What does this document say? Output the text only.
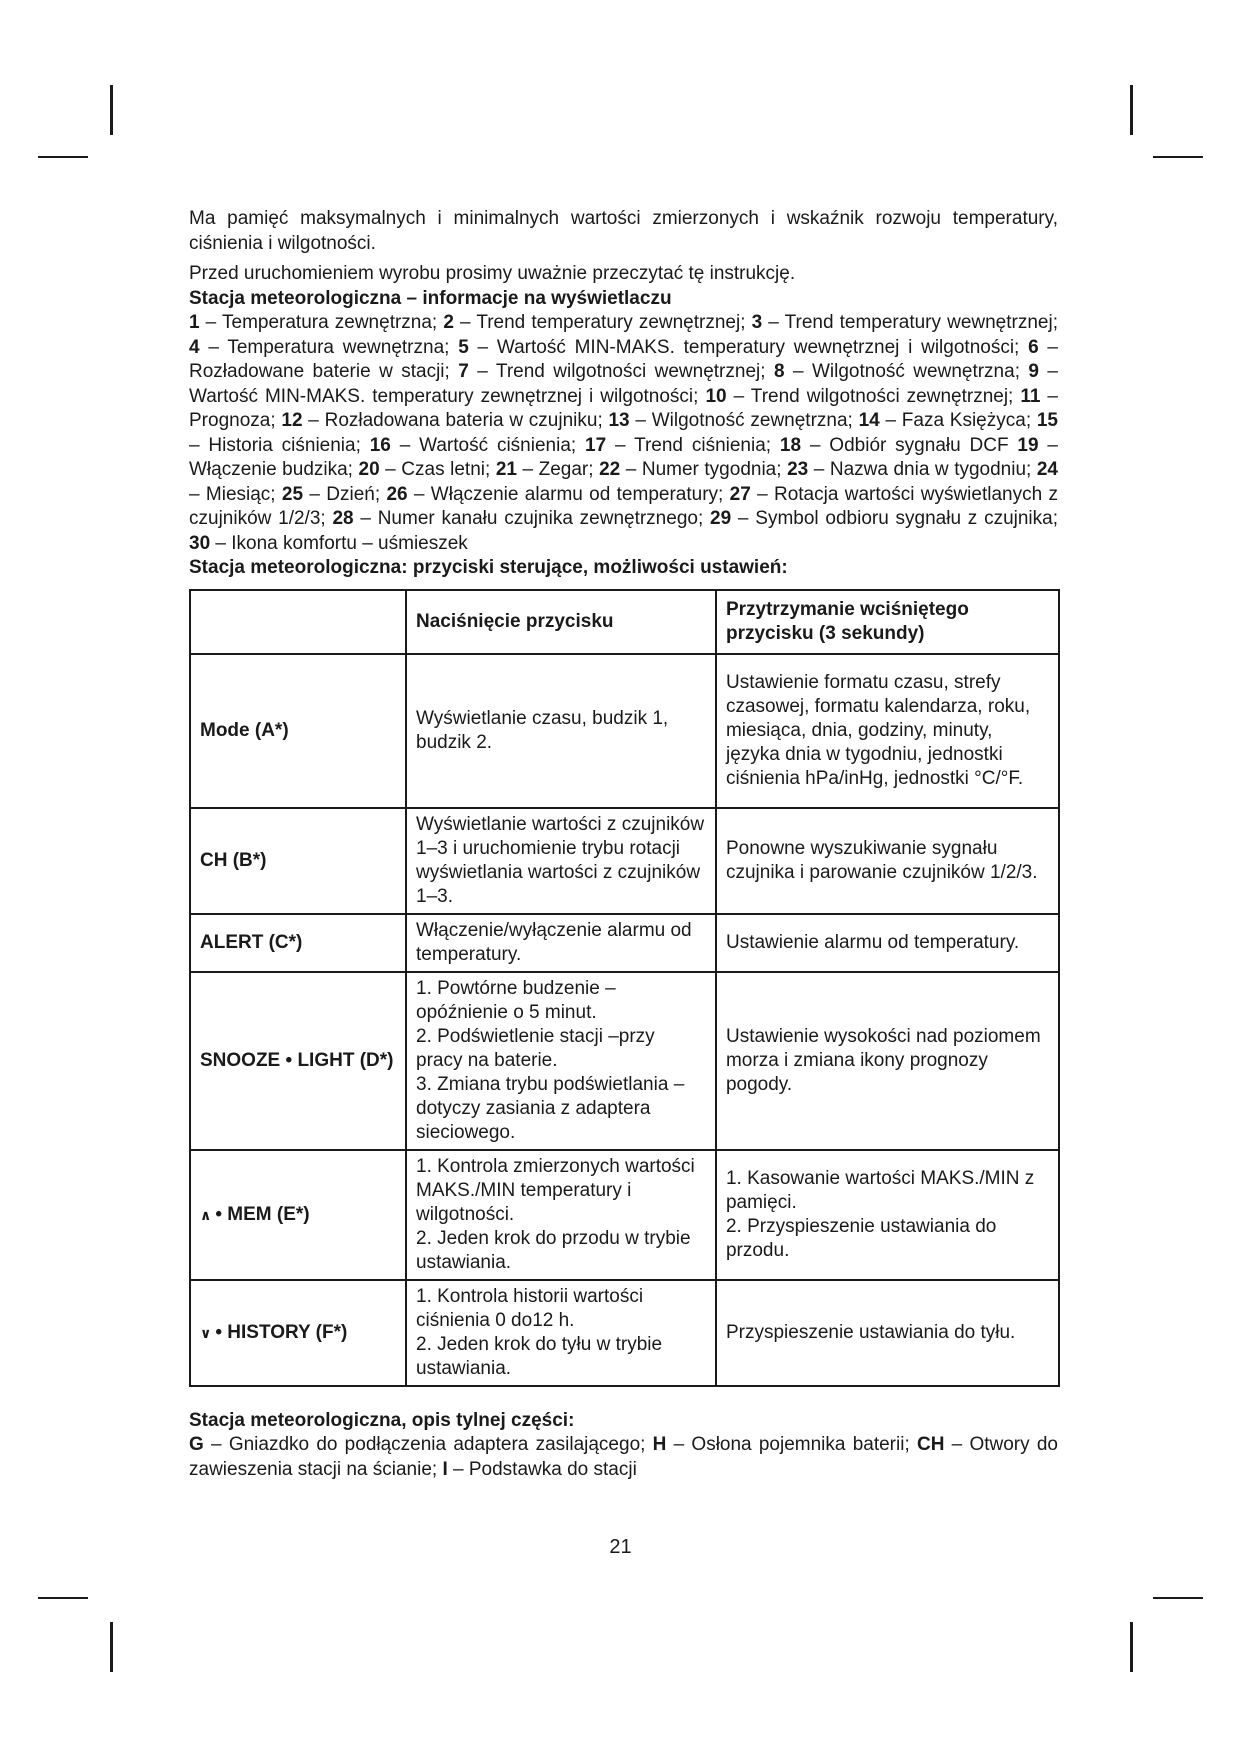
Ma pamięć maksymalnych i minimalnych wartości zmierzonych i wskaźnik rozwoju temperatury, ciśnienia i wilgotności.

Przed uruchomieniem wyrobu prosimy uważnie przeczytać tę instrukcję.

Stacja meteorologiczna – informacje na wyświetlaczu

1 – Temperatura zewnętrzna; 2 – Trend temperatury zewnętrznej; 3 – Trend temperatury wewnętrznej; 4 – Temperatura wewnętrzna; 5 – Wartość MIN-MAKS. temperatury wewnętrznej i wilgotności; 6 – Rozładowane baterie w stacji; 7 – Trend wilgotności wewnętrznej; 8 – Wilgotność wewnętrzna; 9 – Wartość MIN-MAKS. temperatury zewnętrznej i wilgotności; 10 – Trend wilgotności zewnętrznej; 11 – Prognoza; 12 – Rozładowana bateria w czujniku; 13 – Wilgotność zewnętrzna; 14 – Faza Księżyca; 15 – Historia ciśnienia; 16 – Wartość ciśnienia; 17 – Trend ciśnienia; 18 – Odbiór sygnału DCF 19 – Włączenie budzika; 20 – Czas letni; 21 – Zegar; 22 – Numer tygodnia; 23 – Nazwa dnia w tygodniu; 24 – Miesiąc; 25 – Dzień; 26 – Włączenie alarmu od temperatury; 27 – Rotacja wartości wyświetlanych z czujników 1/2/3; 28 – Numer kanału czujnika zewnętrznego; 29 – Symbol odbioru sygnału z czujnika; 30 – Ikona komfortu – uśmieszek

Stacja meteorologiczna: przyciski sterujące, możliwości ustawień:

	Naciśnięcie przycisku	Przytrzymanie wciśniętego przycisku (3 sekundy)
Mode (A*)	Wyświetlanie czasu, budzik 1, budzik 2.	Ustawienie formatu czasu, strefy czasowej, formatu kalendarza, roku, miesiąca, dnia, godziny, minuty, języka dnia w tygodniu, jednostki ciśnienia hPa/inHg, jednostki °C/°F.
CH (B*)	Wyświetlanie wartości z czujników 1–3 i uruchomienie trybu rotacji wyświetlania wartości z czujników 1–3.	Ponowne wyszukiwanie sygnału czujnika i parowanie czujników 1/2/3.
ALERT (C*)	Włączenie/wyłączenie alarmu od temperatury.	Ustawienie alarmu od temperatury.
SNOOZE • LIGHT (D*)	1. Powtórne budzenie –opóźnienie o 5 minut.
2. Podświetlenie stacji –przy pracy na baterie.
3. Zmiana trybu podświetlania –dotyczy zasiania z adaptera sieciowego.	Ustawienie wysokości nad poziomem morza i zmiana ikony prognozy pogody.
∧ • MEM (E*)	1. Kontrola zmierzonych wartości MAKS./MIN temperatury i wilgotności.
2. Jeden krok do przodu w trybie ustawiania.	1. Kasowanie wartości MAKS./MIN z pamięci.
2. Przyspieszenie ustawiania do przodu.
∨ • HISTORY (F*)	1. Kontrola historii wartości ciśnienia 0 do12 h.
2. Jeden krok do tyłu w trybie ustawiania.	Przyspieszenie ustawiania do tyłu.

Stacja meteorologiczna, opis tylnej części:

G – Gniazdko do podłączenia adaptera zasilającego; H – Osłona pojemnika baterii; CH – Otwory do zawieszenia stacji na ścianie; I – Podstawka do stacji

21
